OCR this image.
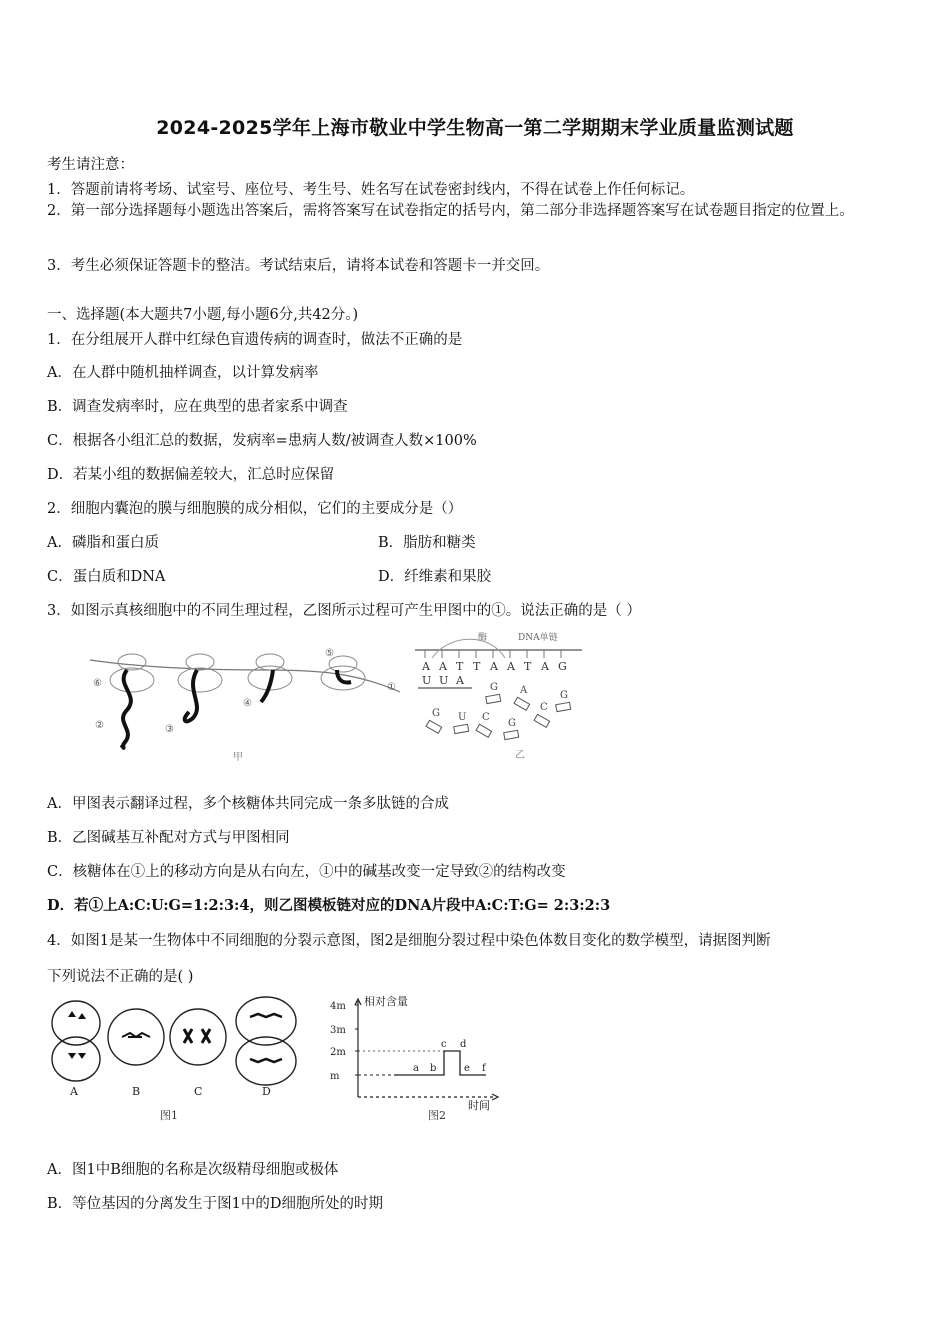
2024-2025学年上海市敬业中学生物高一第二学期期末学业质量监测试题
考生请注意：
1．答题前请将考场、试室号、座位号、考生号、姓名写在试卷密封线内，不得在试卷上作任何标记。
2．第一部分选择题每小题选出答案后，需将答案写在试卷指定的括号内，第二部分非选择题答案写在试卷题目指定的位置上。
3．考生必须保证答题卡的整洁。考试结束后，请将本试卷和答题卡一并交回。
一、选择题(本大题共7小题,每小题6分,共42分。)
1．在分组展开人群中红绿色盲遗传病的调查时，做法不正确的是
A．在人群中随机抽样调查，以计算发病率
B．调查发病率时，应在典型的患者家系中调查
C．根据各小组汇总的数据，发病率=患病人数/被调查人数×100%
D．若某小组的数据偏差较大，汇总时应保留
2．细胞内囊泡的膜与细胞膜的成分相似，它们的主要成分是（）
A．磷脂和蛋白质	B．脂肪和糖类
C．蛋白质和DNA	D．纤维素和果胶
3．如图示真核细胞中的不同生理过程，乙图所示过程可产生甲图中的①。说法正确的是（ ）
⑥
②	③
④
⑤
①
甲
酶	DNA单链
A A T T A A T A G
U U A
G A	G
G U C
G
C
乙
A．甲图表示翻译过程，多个核糖体共同完成一条多肽链的合成
B．乙图碱基互补配对方式与甲图相同
C．核糖体在①上的移动方向是从右向左，①中的碱基改变一定导致②的结构改变
D．若①上A:C:U:G=1:2:3:4，则乙图模板链对应的DNA片段中A:C:T:G= 2:3:2:3
4．如图1是某一生物体中不同细胞的分裂示意图，图2是细胞分裂过程中染色体数目变化的数学模型，请据图判断
下列说法不正确的是( )
A	B	C	D
图1
相对含量
4m
3m
2m
m
a b
c d
e f
时间
图2
A．图1中B细胞的名称是次级精母细胞或极体
B．等位基因的分离发生于图1中的D细胞所处的时期
